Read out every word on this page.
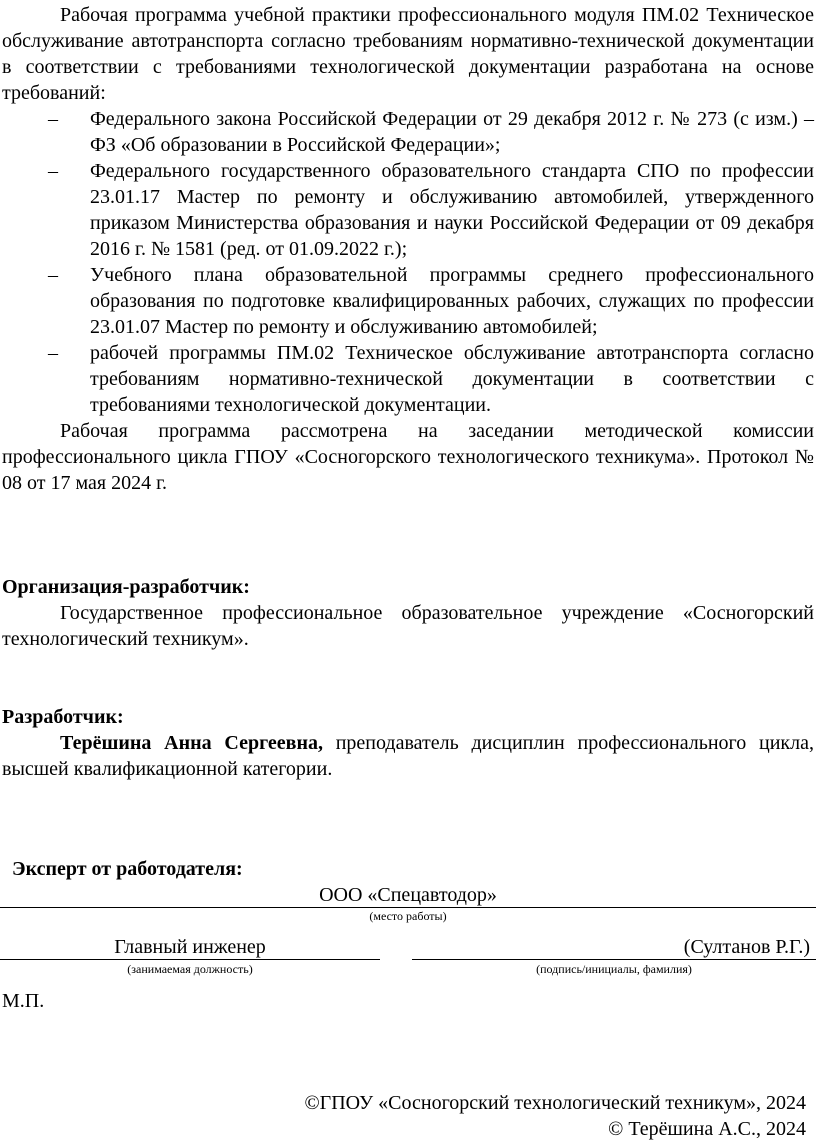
Рабочая программа учебной практики профессионального модуля ПМ.02 Техническое обслуживание автотранспорта согласно требованиям нормативно-технической документации в соответствии с требованиями технологической документации разработана на основе требований:

–	Федерального закона Российской Федерации от 29 декабря 2012 г. № 273 (с изм.) – ФЗ «Об образовании в Российской Федерации»;
–	Федерального государственного образовательного стандарта СПО по профессии 23.01.17 Мастер по ремонту и обслуживанию автомобилей, утвержденного приказом Министерства образования и науки Российской Федерации от 09 декабря 2016 г. № 1581 (ред. от 01.09.2022 г.);
–	Учебного плана образовательной программы среднего профессионального образования по подготовке квалифицированных рабочих, служащих по профессии 23.01.07 Мастер по ремонту и обслуживанию автомобилей;
–	рабочей программы ПМ.02 Техническое обслуживание автотранспорта согласно требованиям нормативно-технической документации в соответствии с требованиями технологической документации.

Рабочая программа рассмотрена на заседании методической комиссии профессионального цикла ГПОУ «Сосногорского технологического техникума». Протокол № 08 от 17 мая 2024 г.

Организация-разработчик:

Государственное профессиональное образовательное учреждение «Сосногорский технологический техникум».

Разработчик:

Терёшина Анна Сергеевна, преподаватель дисциплин профессионального цикла, высшей квалификационной категории.

Эксперт от работодателя:

ООО «Спецавтодор»
(место работы)
Главный инженер
(занимаемая должность)
(Султанов Р.Г.)
(подпись/инициалы, фамилия)
М.П.
©ГПОУ «Сосногорский технологический техникум», 2024
© Терёшина А.С., 2024
